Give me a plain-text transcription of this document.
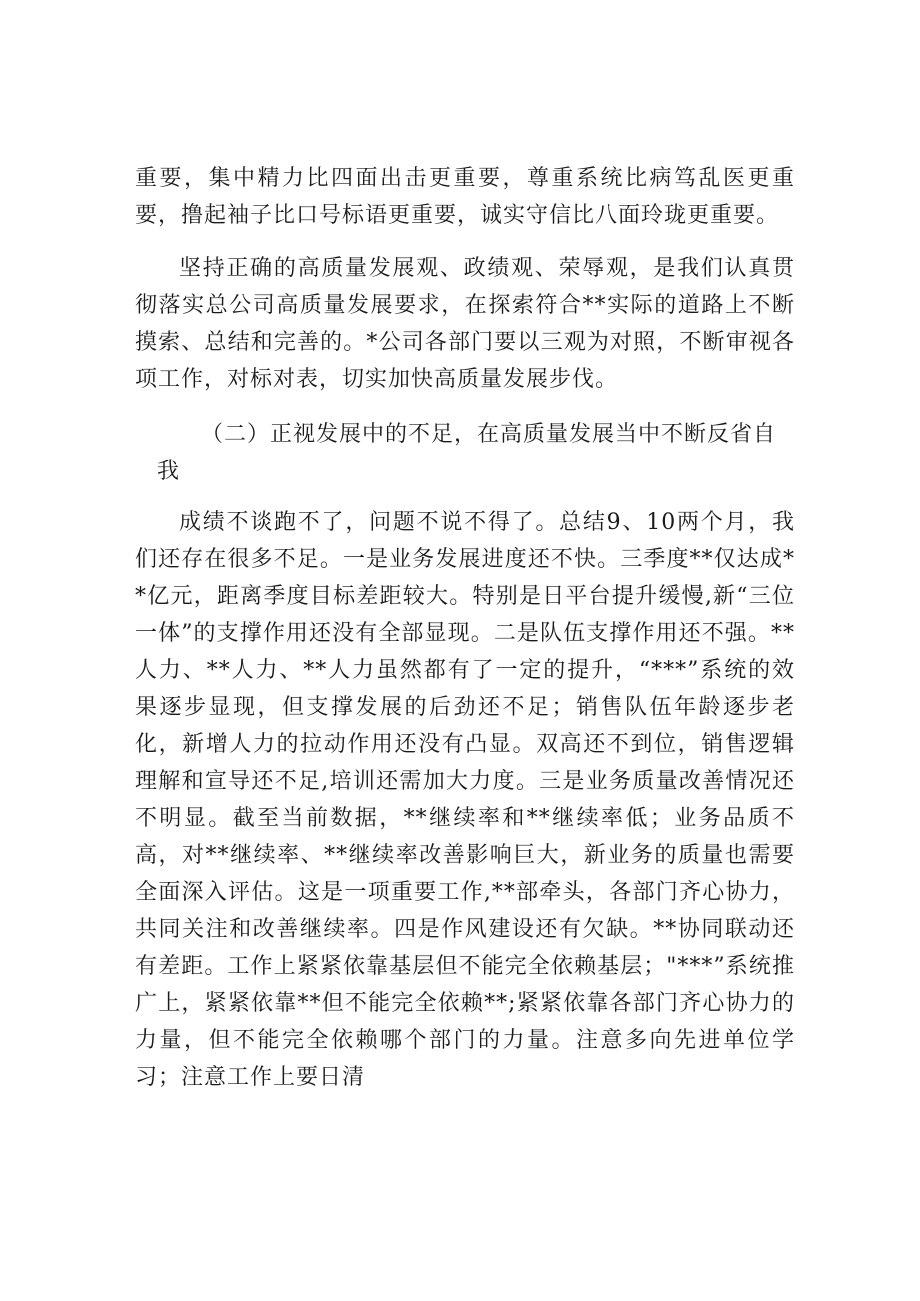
重要，集中精力比四面出击更重要，尊重系统比病笃乱医更重要，撸起袖子比口号标语更重要，诚实守信比八面玲珑更重要。

坚持正确的高质量发展观、政绩观、荣辱观，是我们认真贯彻落实总公司高质量发展要求，在探索符合**实际的道路上不断摸索、总结和完善的。*公司各部门要以三观为对照，不断审视各项工作，对标对表，切实加快高质量发展步伐。

（二）正视发展中的不足，在高质量发展当中不断反省自我

成绩不谈跑不了，问题不说不得了。总结9、10两个月，我们还存在很多不足。一是业务发展进度还不快。三季度**仅达成**亿元，距离季度目标差距较大。特别是日平台提升缓慢,新“三位一体”的支撑作用还没有全部显现。二是队伍支撑作用还不强。**人力、**人力、**人力虽然都有了一定的提升，“***”系统的效果逐步显现，但支撑发展的后劲还不足；销售队伍年龄逐步老化，新增人力的拉动作用还没有凸显。双高还不到位，销售逻辑理解和宣导还不足,培训还需加大力度。三是业务质量改善情况还不明显。截至当前数据，**继续率和**继续率低；业务品质不高，对**继续率、**继续率改善影响巨大，新业务的质量也需要全面深入评估。这是一项重要工作,**部牵头，各部门齐心协力，共同关注和改善继续率。四是作风建设还有欠缺。**协同联动还有差距。工作上紧紧依靠基层但不能完全依赖基层；"***”系统推广上，紧紧依靠**但不能完全依赖**;紧紧依靠各部门齐心协力的力量，但不能完全依赖哪个部门的力量。注意多向先进单位学习；注意工作上要日清
